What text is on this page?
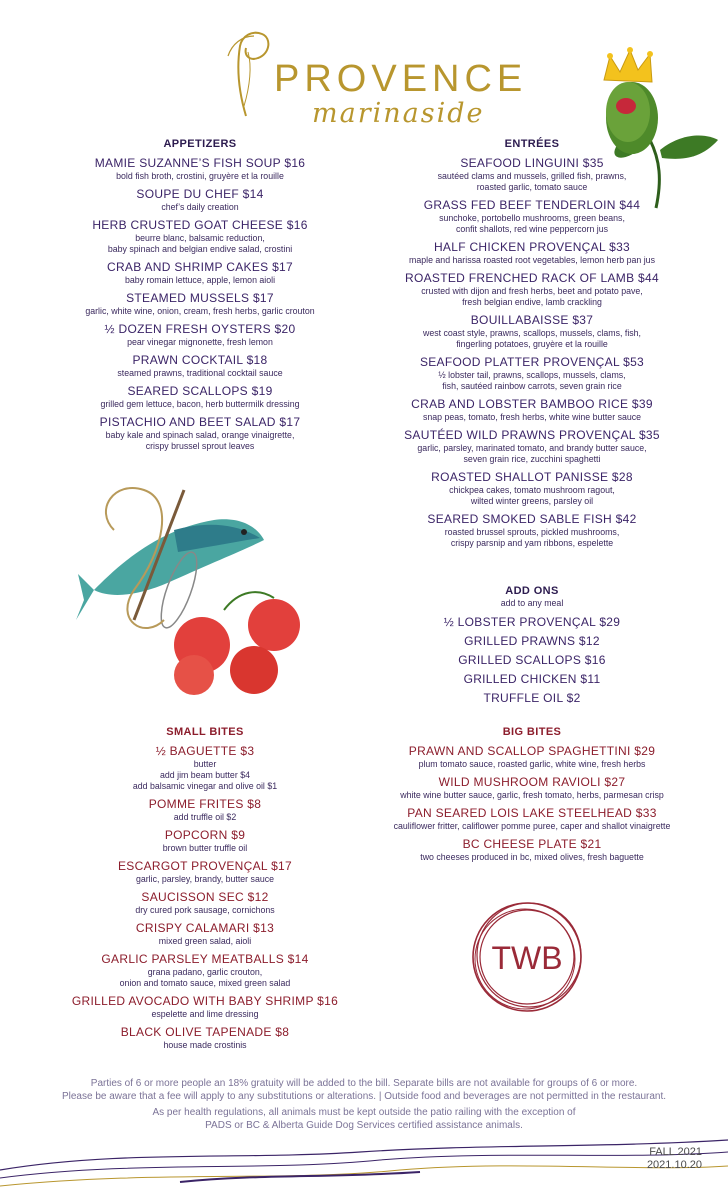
PROVENCE
marinaside
APPETIZERS
MAMIE SUZANNE’S FISH SOUP $16
bold fish broth, crostini, gruyère et la rouille
SOUPE DU CHEF $14
chef’s daily creation
HERB CRUSTED GOAT CHEESE $16
beurre blanc, balsamic reduction,
baby spinach and belgian endive salad, crostini
CRAB AND SHRIMP CAKES $17
baby romain lettuce, apple, lemon aioli
STEAMED MUSSELS $17
garlic, white wine, onion, cream, fresh herbs, garlic crouton
½ DOZEN FRESH OYSTERS $20
pear vinegar mignonette, fresh lemon
PRAWN COCKTAIL $18
steamed prawns, traditional cocktail sauce
SEARED SCALLOPS $19
grilled gem lettuce, bacon, herb buttermilk dressing
PISTACHIO AND BEET SALAD $17
baby kale and spinach salad, orange vinaigrette,
crispy brussel sprout leaves
ENTRÉES
SEAFOOD LINGUINI $35
sautéed clams and mussels, grilled fish, prawns,
roasted garlic, tomato sauce
GRASS FED BEEF TENDERLOIN $44
sunchoke, portobello mushrooms, green beans,
confit shallots, red wine peppercorn jus
HALF CHICKEN PROVENÇAL $33
maple and harissa roasted root vegetables, lemon herb pan jus
ROASTED FRENCHED RACK OF LAMB $44
crusted with dijon and fresh herbs, beet and potato pave,
fresh belgian endive, lamb crackling
BOUILLABAISSE $37
west coast style, prawns, scallops, mussels, clams, fish,
fingerling potatoes, gruyère et la rouille
SEAFOOD PLATTER PROVENÇAL $53
½ lobster tail, prawns, scallops, mussels, clams,
fish, sautéed rainbow carrots, seven grain rice
CRAB AND LOBSTER BAMBOO RICE $39
snap peas, tomato, fresh herbs, white wine butter sauce
SAUTÉED WILD PRAWNS PROVENÇAL $35
garlic, parsley, marinated tomato, and brandy butter sauce,
seven grain rice, zucchini spaghetti
ROASTED SHALLOT PANISSE $28
chickpea cakes, tomato mushroom ragout,
wilted winter greens, parsley oil
SEARED SMOKED SABLE FISH $42
roasted brussel sprouts, pickled mushrooms,
crispy parsnip and yam ribbons, espelette
ADD ONS
add to any meal
½ LOBSTER PROVENÇAL $29
GRILLED PRAWNS $12
GRILLED SCALLOPS $16
GRILLED CHICKEN $11
TRUFFLE OIL $2
SMALL BITES
½ BAGUETTE $3
butter
add jim beam butter $4
add balsamic vinegar and olive oil $1
POMME FRITES $8
add truffle oil $2
POPCORN $9
brown butter truffle oil
ESCARGOT PROVENÇAL $17
garlic, parsley, brandy, butter sauce
SAUCISSON SEC $12
dry cured pork sausage, cornichons
CRISPY CALAMARI $13
mixed green salad, aioli
GARLIC PARSLEY MEATBALLS $14
grana padano, garlic crouton,
onion and tomato sauce, mixed green salad
GRILLED AVOCADO WITH BABY SHRIMP $16
espelette and lime dressing
BLACK OLIVE TAPENADE $8
house made crostinis
BIG BITES
PRAWN AND SCALLOP SPAGHETTINI $29
plum tomato sauce, roasted garlic, white wine, fresh herbs
WILD MUSHROOM RAVIOLI $27
white wine butter sauce, garlic, fresh tomato, herbs, parmesan crisp
PAN SEARED LOIS LAKE STEELHEAD $33
cauliflower fritter, califlower pomme puree, caper and shallot vinaigrette
BC CHEESE PLATE $21
two cheeses produced in bc, mixed olives, fresh baguette
TWB

Parties of 6 or more people an 18% gratuity will be added to the bill. Separate bills are not available for groups of 6 or more.
Please be aware that a fee will apply to any substitutions or alterations. | Outside food and beverages are not permitted in the restaurant.

As per health regulations, all animals must be kept outside the patio railing with the exception of
PADS or BC & Alberta Guide Dog Services certified assistance animals.

FALL 2021
2021.10.20
